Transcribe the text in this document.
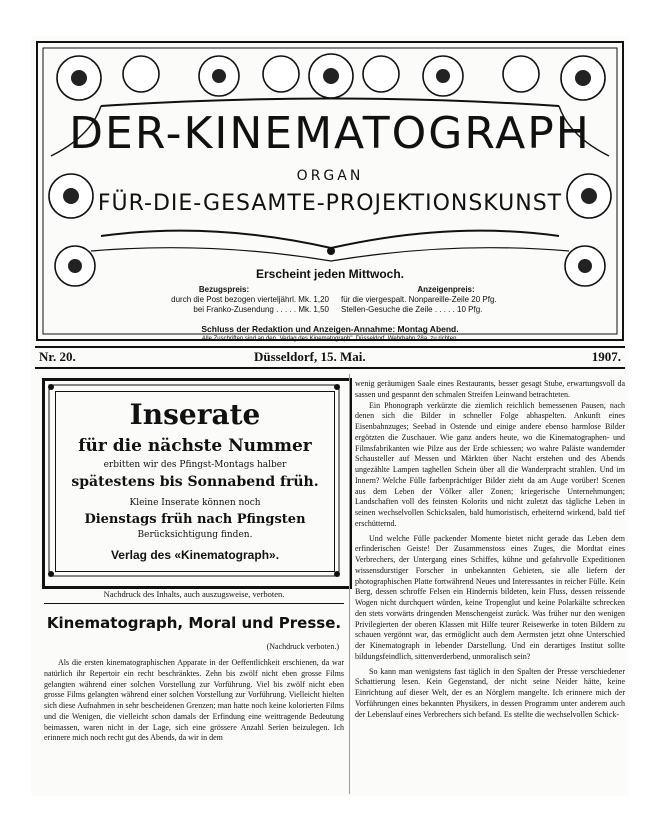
DER-KINEMATOGRAPH
ORGAN
FÜR-DIE-GESAMTE-PROJEKTIONSKUNST
Erscheint jeden Mittwoch.
Bezugspreis:
durch die Post bezogen vierteljährl. Mk. 1,20
bei Franko-Zusendung . . . . . Mk. 1,50
Anzeigenpreis:
für die viergespalt. Nonpareille-Zeile 20 Pfg.
Stellen-Gesuche die Zeile . . . . . 10 Pfg.
Schluss der Redaktion und Anzeigen-Annahme: Montag Abend.
Alle Zuschriften sind an den „Verlag des Kinematograph", Düsseldorf, Wehrhahn 28a, zu richten.
Nr. 20.	Düsseldorf, 15. Mai.	1907.
Inserate
für die nächste Nummer
erbitten wir des Pfingst-Montags halber
spätestens bis Sonnabend früh.
Kleine Inserate können noch
Dienstags früh nach Pfingsten
Berücksichtigung finden.
Verlag des «Kinematograph».
Nachdruck des Inhalts, auch auszugsweise, verboten.
Kinematograph, Moral und Presse.
(Nachdruck verboten.)

Als die ersten kinematographischen Apparate in der Oeffentlichkeit erschienen, da war natürlich ihr Repertoir ein recht beschränktes. Zehn bis zwölf nicht eben grosse Films gelangten während einer solchen Vorstellung zur Vorführung. Viel bis zwölf nicht eben grosse Films gelangten während einer solchen Vorstellung zur Vorführung. Vielleicht hielten sich diese Aufnahmen in sehr bescheidenen Grenzen; man hatte noch keine kolorierten Films und die Wenigen, die vielleicht schon damals der Erfindung eine weittragende Bedeutung beimassen, waren nicht in der Lage, sich eine grössere Anzahl Serien beizulegen. Ich erinnere mich noch recht gut des Abends, da wir in dem

wenig geräumigen Saale eines Restaurants, besser gesagt Stube, erwartungsvoll da sassen und gespannt den schmalen Streifen Leinwand betrachteten.

Ein Phonograph verkürzte die ziemlich reichlich bemessenen Pausen, nach denen sich die Bilder in schneller Folge abhaspelten. Ankunft eines Eisenbahnzuges; Seebad in Ostende und einige andere ebenso harmlose Bilder ergötzten die Zuschauer. Wie ganz anders heute, wo die Kinematographen- und Filmsfabrikanten wie Pilze aus der Erde schiessen; wo wahre Paläste wandernder Schausteller auf Messen und Märkten über Nacht erstehen und des Abends ungezählte Lampen taghellen Schein über all die Wanderpracht strahlen. Und im Innern? Welche Fülle farbenprächtiger Bilder zieht da am Auge vorüber! Scenen aus dem Leben der Völker aller Zonen; kriegerische Unternehmungen; Landschaften voll des feinsten Kolorits und nicht zuletzt das tägliche Leben in seinen wechselvollen Schicksalen, bald humoristisch, erheiternd wirkend, bald tief erschütternd.

Und welche Fülle packender Momente bietet nicht gerade das Leben dem erfinderischen Geiste! Der Zusammenstoss eines Zuges, die Mordtat eines Verbrechers, der Untergang eines Schiffes, kühne und gefahrvolle Expeditionen wissensdurstiger Forscher in unbekannten Gebieten, sie alle liefern der photographischen Platte fortwährend Neues und Interessantes in reicher Fülle. Kein Berg, dessen schroffe Felsen ein Hindernis bildeten, kein Fluss, dessen reissende Wogen nicht durchquert würden, keine Tropenglut und keine Polarkälte schrecken den stets vorwärts dringenden Menschengeist zurück. Was früher nur den wenigen Privilegierten der oberen Klassen mit Hilfe teurer Reisewerke in toten Bildern zu schauen vergönnt war, das ermöglicht auch dem Aermsten jetzt ohne Unterschied der Kinematograph in lebender Darstellung. Und ein derartiges Institut sollte bildungsfeindlich, sittenverderbend, unmoralisch sein?

So kann man wenigstens fast täglich in den Spalten der Presse verschiedener Schattierung lesen. Kein Gegenstand, der nicht seine Neider hätte, keine Einrichtung auf dieser Welt, der es an Nörglern mangelte. Ich erinnere mich der Vorführungen eines bekannten Physikers, in dessen Programm unter anderem auch der Lebenslauf eines Verbrechers sich befand. Es stellte die wechselvollen Schick-
